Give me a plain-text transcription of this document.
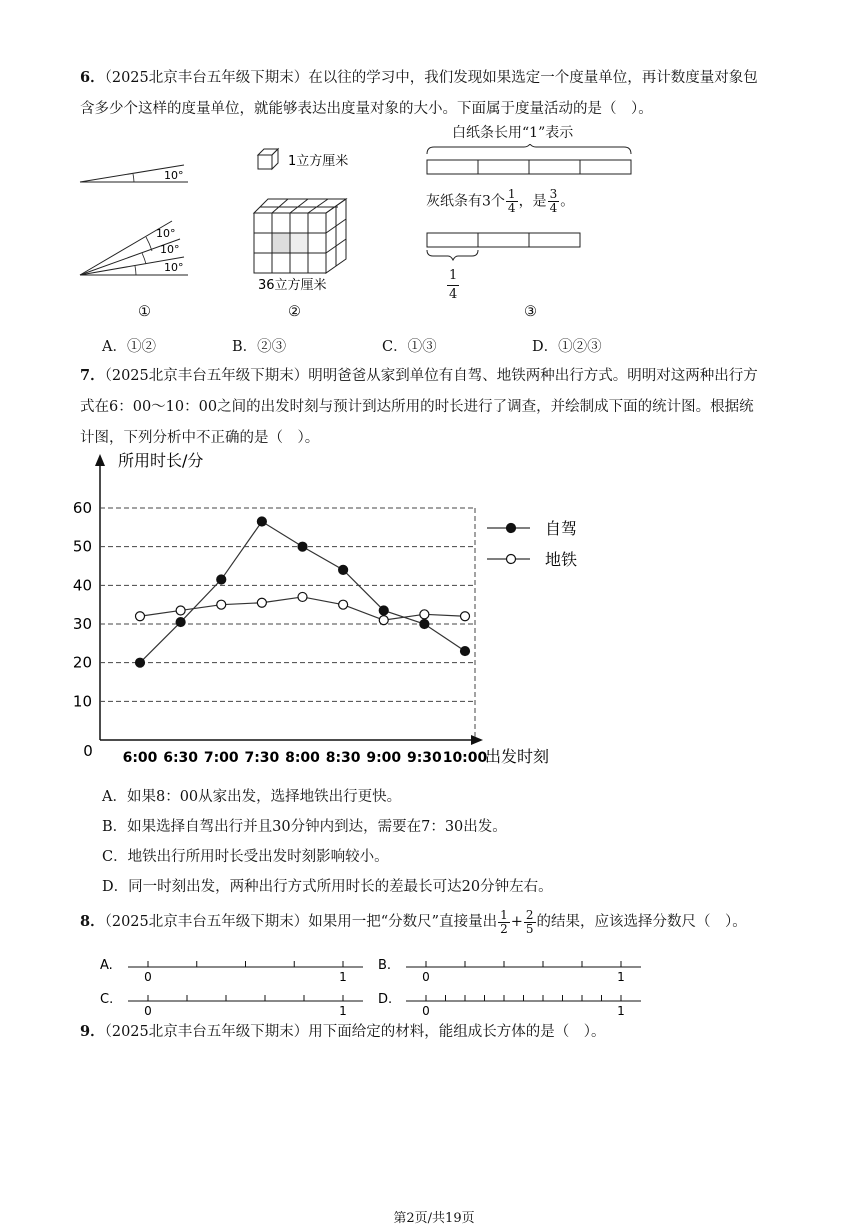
6．（2025北京丰台五年级下期末）在以往的学习中，我们发现如果选定一个度量单位，再计数度量对象包
含多少个这样的度量单位，就能够表达出度量对象的大小。下面属于度量活动的是（　）。
10°
10°
10°
10°
1立方厘米
36立方厘米
白纸条长用“1”表示
灰纸条有3个 $\frac{1}{4}$ ，是 $\frac{3}{4}$ 。
$\frac{1}{4}$
①	②	③
A．①②	B．②③	C．①③	D．①②③
7．（2025北京丰台五年级下期末）明明爸爸从家到单位有自驾、地铁两种出行方式。明明对这两种出行方
式在6：00～10：00之间的出发时刻与预计到达所用的时长进行了调查，并绘制成下面的统计图。根据统
计图，下列分析中不正确的是（　）。
所用时长/分
出发时刻
0
10
20
30
40
50
60
6:00 6:30 7:00 7:30 8:00 8:30 9:00 9:30 10:00
自驾
地铁
A．如果8：00从家出发，选择地铁出行更快。
B．如果选择自驾出行并且30分钟内到达，需要在7：30出发。
C．地铁出行所用时长受出发时刻影响较小。
D．同一时刻出发，两种出行方式所用时长的差最长可达20分钟左右。
8．（2025北京丰台五年级下期末）如果用一把“分数尺”直接量出 $\frac{1}{2} + \frac{2}{5}$ 的结果，应该选择分数尺（　）。
A.
0	1
B.
0	1
C.
0	1
D.
0	1
9．（2025北京丰台五年级下期末）用下面给定的材料，能组成长方体的是（　）。
第2页/共19页
